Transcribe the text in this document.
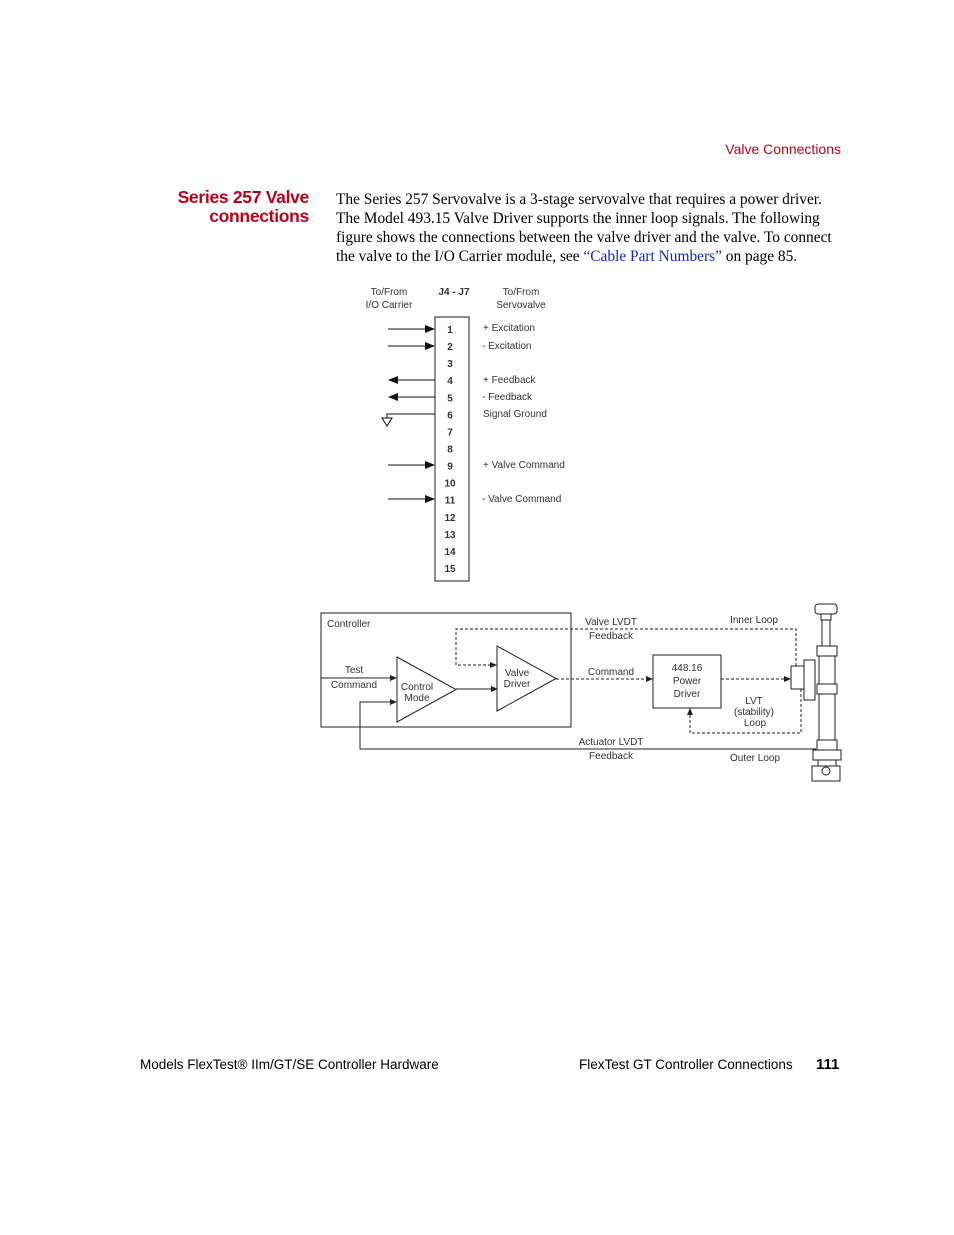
Valve Connections
Series 257 Valve
connections

The Series 257 Servovalve is a 3-stage servovalve that requires a power driver. The Model 493.15 Valve Driver supports the inner loop signals. The following figure shows the connections between the valve driver and the valve. To connect the valve to the I/O Carrier module, see “Cable Part Numbers” on page 85.

To/From
I/O Carrier
J4 - J7	To/From
Servovalve
1
2
3
4
5
6
7
8
9
10
11
12
13
14
15
+ Excitation
- Excitation
+ Feedback
- Feedback
Signal Ground
+ Valve Command
- Valve Command
Controller
Test
Command Control
Mode
Valve
Driver
Command	448.16
Power
Driver
Valve LVDT
Feedback
Inner Loop
LVT
(stability)
Loop
Actuator LVDT
Feedback	Outer Loop
Models FlexTest® IIm/GT/SE Controller Hardware	FlexTest GT Controller Connections 111
